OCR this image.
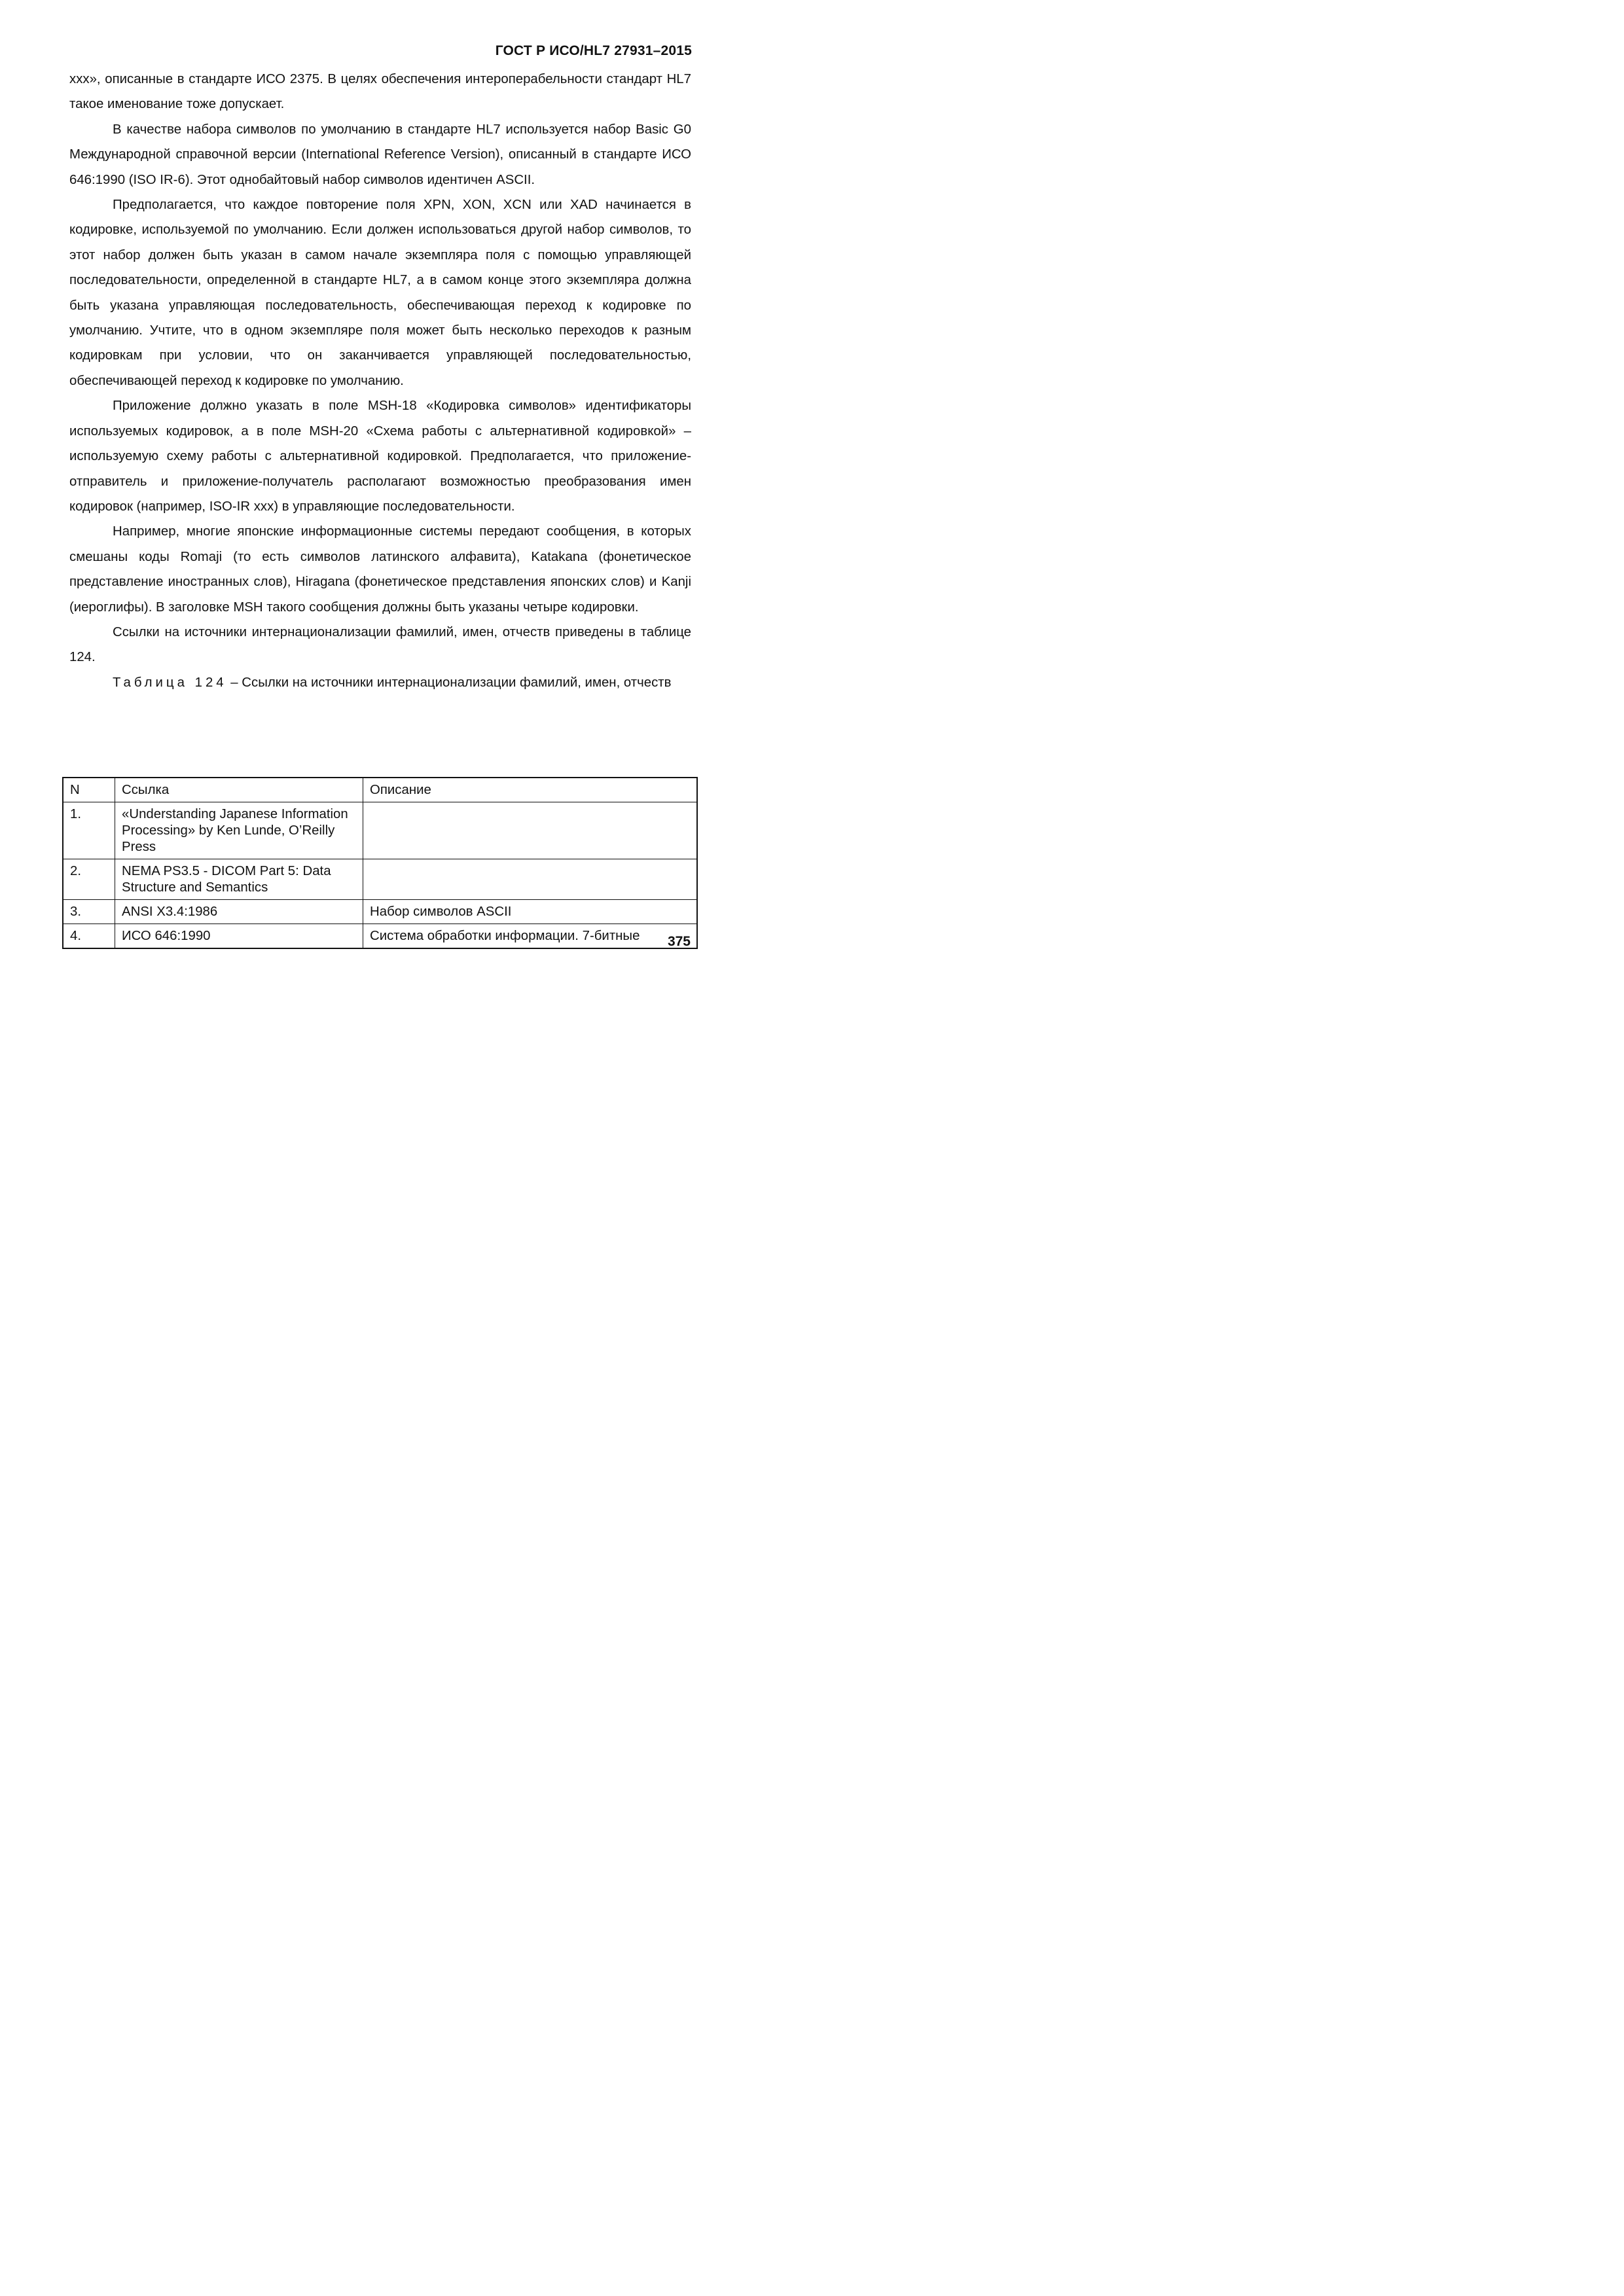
ГОСТ Р ИСО/HL7 27931–2015

ххх», описанные в стандарте ИСО 2375. В целях обеспечения интероперабельности стандарт HL7 такое именование тоже допускает.

В качестве набора символов по умолчанию в стандарте HL7 используется набор Basic G0 Международной справочной версии (International Reference Version), описанный в стандарте ИСО 646:1990 (ISO IR-6). Этот однобайтовый набор символов идентичен ASCII.

Предполагается, что каждое повторение поля XPN, XON, XCN или XAD начинается в кодировке, используемой по умолчанию. Если должен использоваться другой набор символов, то этот набор должен быть указан в самом начале экземпляра поля с помощью управляющей последовательности, определенной в стандарте HL7, а в самом конце этого экземпляра должна быть указана управляющая последовательность, обеспечивающая переход к кодировке по умолчанию. Учтите, что в одном экземпляре поля может быть несколько переходов к разным кодировкам при условии, что он заканчивается управляющей последовательностью, обеспечивающей переход к кодировке по умолчанию.

Приложение должно указать в поле MSH-18 «Кодировка символов» идентификаторы используемых кодировок, а в поле MSH-20 «Схема работы с альтернативной кодировкой» – используемую схему работы с альтернативной кодировкой. Предполагается, что приложение-отправитель и приложение-получатель располагают возможностью преобразования имен кодировок (например, ISO-IR ххх) в управляющие последовательности.

Например, многие японские информационные системы передают сообщения, в которых смешаны коды Romaji (то есть символов латинского алфавита), Katakana (фонетическое представление иностранных слов), Hiragana (фонетическое представления японских слов) и Kanji (иероглифы). В заголовке MSH такого сообщения должны быть указаны четыре кодировки.

Ссылки на источники интернационализации фамилий, имен, отчеств приведены в таблице 124.

Таблица 124 – Ссылки на источники интернационализации фамилий, имен, отчеств

N	Ссылка	Описание
1.	«Understanding Japanese Information Processing» by Ken Lunde, O’Reilly Press	
2.	NEMA PS3.5 - DICOM Part 5: Data Structure and Semantics	
3.	ANSI X3.4:1986	Набор символов ASCII
4.	ИСО 646:1990	Система обработки информации. 7-битные 375
